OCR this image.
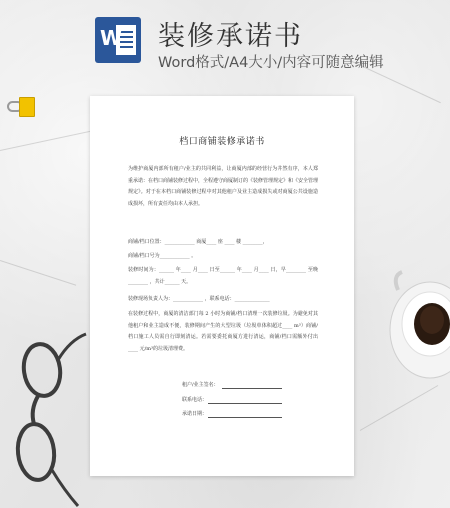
W 装修承诺书
Word格式/A4大小/内容可随意编辑
档口商铺装修承诺书
为维护商厦内部所有租户/业主的共同利益，让商厦内部的经营行为井然有序，本人郑重承诺：在档口商铺装修过程中，全程遵守商厦制订的《装修管理规定》和《安全管理规定》。对于在本档口商铺装修过程中对其他租户及业主造成损失或对商厦公共设施造成损坏，所有责任均由本人承担。
商铺/档口位置：____________ 商厦____ 座 ____ 楼 ________，
商铺/档口号为____________ 。
装修时间为：______ 年____ 月____ 日至______ 年____ 月____ 日，早________ 至晚________ ，共计______ 天。
装修现场负责人为：____________ ，联系电话：______________
在装修过程中，商厦的清洁部门每 2 小时为商铺/档口清理一次装修垃圾。为避免对其他租户和业主造成不便，装修期间产生的大型垃圾（垃圾单体积超过____ m³）商铺/档口施工人员需自行即刻清运。若需要委托商厦方进行清运，商铺/档口需额外付出____ 元/m³的垃圾清理费。
租户/业主签名：
联系电话：
承诺日期：
